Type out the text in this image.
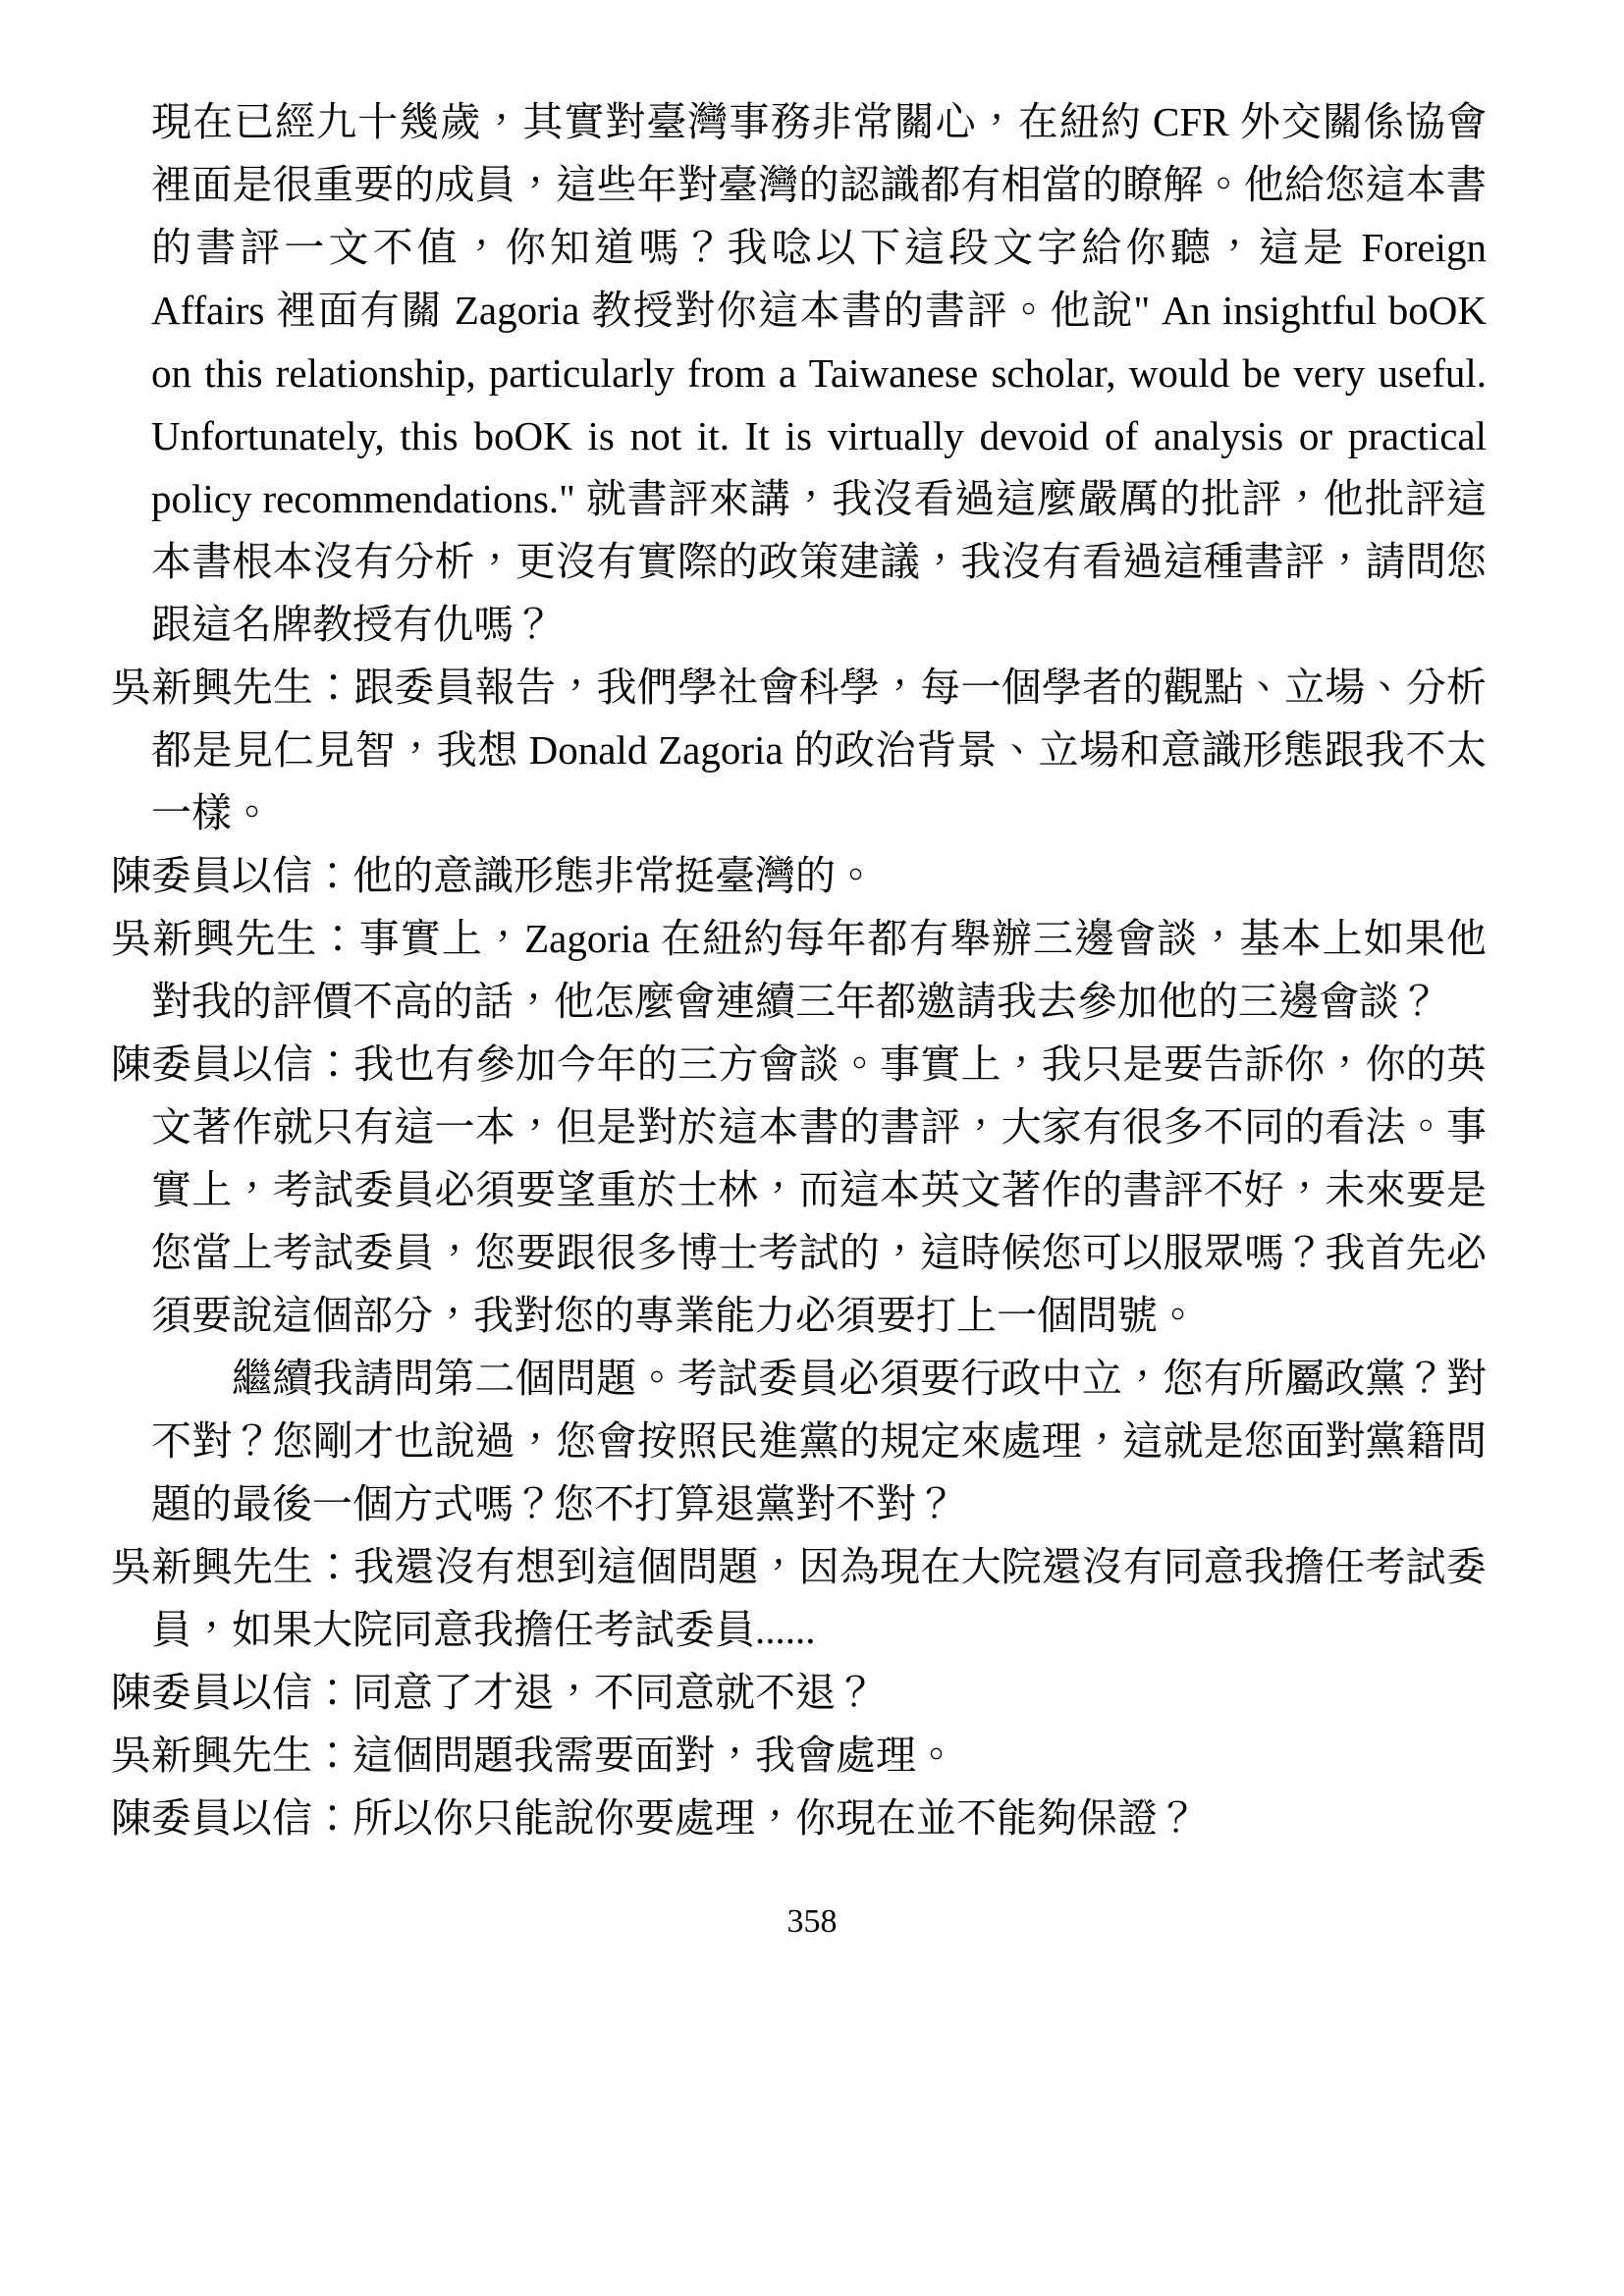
現在已經九十幾歲，其實對臺灣事務非常關心，在紐約 CFR 外交關係協會裡面是很重要的成員，這些年對臺灣的認識都有相當的瞭解。他給您這本書的書評一文不值，你知道嗎？我唸以下這段文字給你聽，這是 Foreign Affairs 裡面有關 Zagoria 教授對你這本書的書評。他說" An insightful boOK on this relationship, particularly from a Taiwanese scholar, would be very useful. Unfortunately, this boOK is not it. It is virtually devoid of analysis or practical policy recommendations." 就書評來講，我沒看過這麼嚴厲的批評，他批評這本書根本沒有分析，更沒有實際的政策建議，我沒有看過這種書評，請問您跟這名牌教授有仇嗎？

吳新興先生：跟委員報告，我們學社會科學，每一個學者的觀點、立場、分析都是見仁見智，我想 Donald Zagoria 的政治背景、立場和意識形態跟我不太一樣。

陳委員以信：他的意識形態非常挺臺灣的。

吳新興先生：事實上，Zagoria 在紐約每年都有舉辦三邊會談，基本上如果他對我的評價不高的話，他怎麼會連續三年都邀請我去參加他的三邊會談？

陳委員以信：我也有參加今年的三方會談。事實上，我只是要告訴你，你的英文著作就只有這一本，但是對於這本書的書評，大家有很多不同的看法。事實上，考試委員必須要望重於士林，而這本英文著作的書評不好，未來要是您當上考試委員，您要跟很多博士考試的，這時候您可以服眾嗎？我首先必須要說這個部分，我對您的專業能力必須要打上一個問號。

繼續我請問第二個問題。考試委員必須要行政中立，您有所屬政黨？對不對？您剛才也說過，您會按照民進黨的規定來處理，這就是您面對黨籍問題的最後一個方式嗎？您不打算退黨對不對？

吳新興先生：我還沒有想到這個問題，因為現在大院還沒有同意我擔任考試委員，如果大院同意我擔任考試委員......

陳委員以信：同意了才退，不同意就不退？

吳新興先生：這個問題我需要面對，我會處理。

陳委員以信：所以你只能說你要處理，你現在並不能夠保證？

358
